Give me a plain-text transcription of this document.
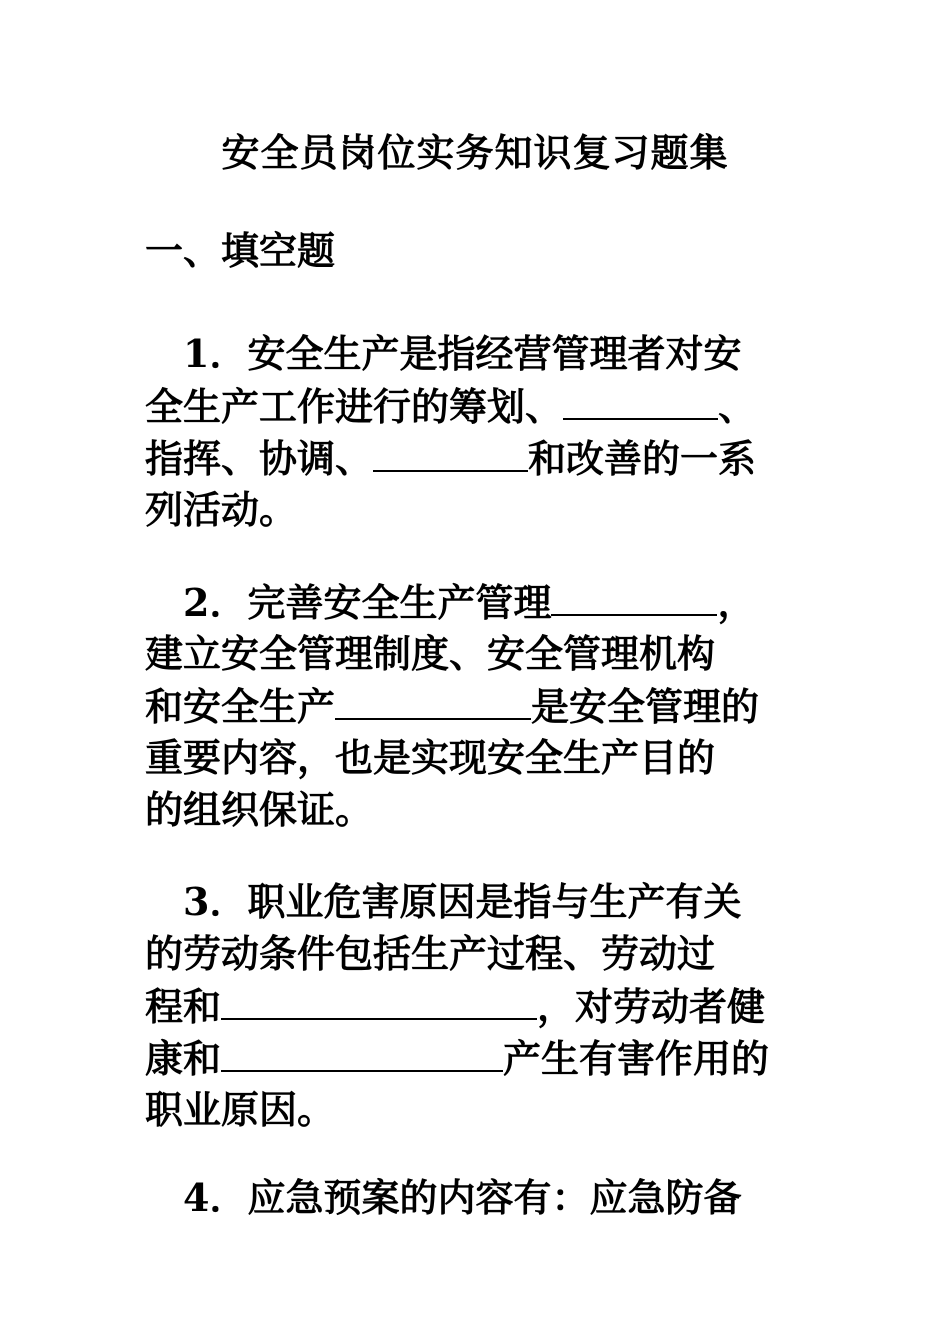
安全员岗位实务知识复习题集
一、填空题
1．安全生产是指经营管理者对安
全生产工作进行的筹划、	、
指挥、协调、	和改善的一系
列活动。
2．完善安全生产管理	，
建立安全管理制度、安全管理机构
和安全生产	是安全管理的
重要内容，也是实现安全生产目的
的组织保证。
3．职业危害原因是指与生产有关
的劳动条件包括生产过程、劳动过
程和	，对劳动者健
康和	产生有害作用的
职业原因。
4．应急预案的内容有：应急防备
